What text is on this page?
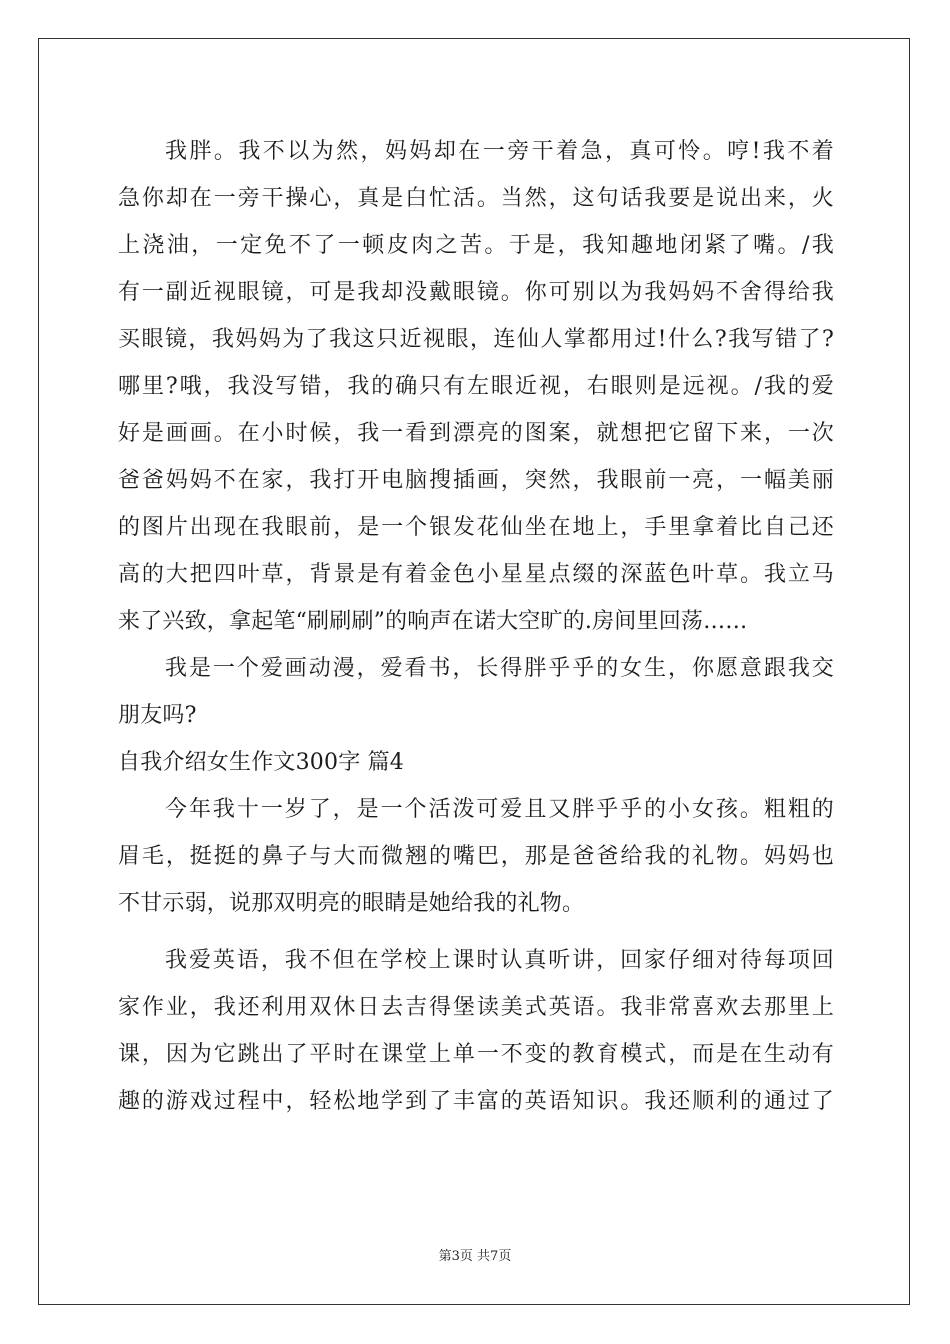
我胖。我不以为然，妈妈却在一旁干着急，真可怜。哼!我不着
急你却在一旁干操心，真是白忙活。当然，这句话我要是说出来，火
上浇油，一定免不了一顿皮肉之苦。于是，我知趣地闭紧了嘴。/我
有一副近视眼镜，可是我却没戴眼镜。你可别以为我妈妈不舍得给我
买眼镜，我妈妈为了我这只近视眼，连仙人掌都用过!什么?我写错了?
哪里?哦，我没写错，我的确只有左眼近视，右眼则是远视。/我的爱
好是画画。在小时候，我一看到漂亮的图案，就想把它留下来，一次
爸爸妈妈不在家，我打开电脑搜插画，突然，我眼前一亮，一幅美丽
的图片出现在我眼前，是一个银发花仙坐在地上，手里拿着比自己还
高的大把四叶草，背景是有着金色小星星点缀的深蓝色叶草。我立马
来了兴致，拿起笔“刷刷刷”的响声在诺大空旷的.房间里回荡……
我是一个爱画动漫，爱看书，长得胖乎乎的女生，你愿意跟我交
朋友吗?
自我介绍女生作文300字 篇4
今年我十一岁了，是一个活泼可爱且又胖乎乎的小女孩。粗粗的
眉毛，挺挺的鼻子与大而微翘的嘴巴，那是爸爸给我的礼物。妈妈也
不甘示弱，说那双明亮的眼睛是她给我的礼物。
我爱英语，我不但在学校上课时认真听讲，回家仔细对待每项回
家作业，我还利用双休日去吉得堡读美式英语。我非常喜欢去那里上
课，因为它跳出了平时在课堂上单一不变的教育模式，而是在生动有
趣的游戏过程中，轻松地学到了丰富的英语知识。我还顺利的通过了
第3页 共7页
